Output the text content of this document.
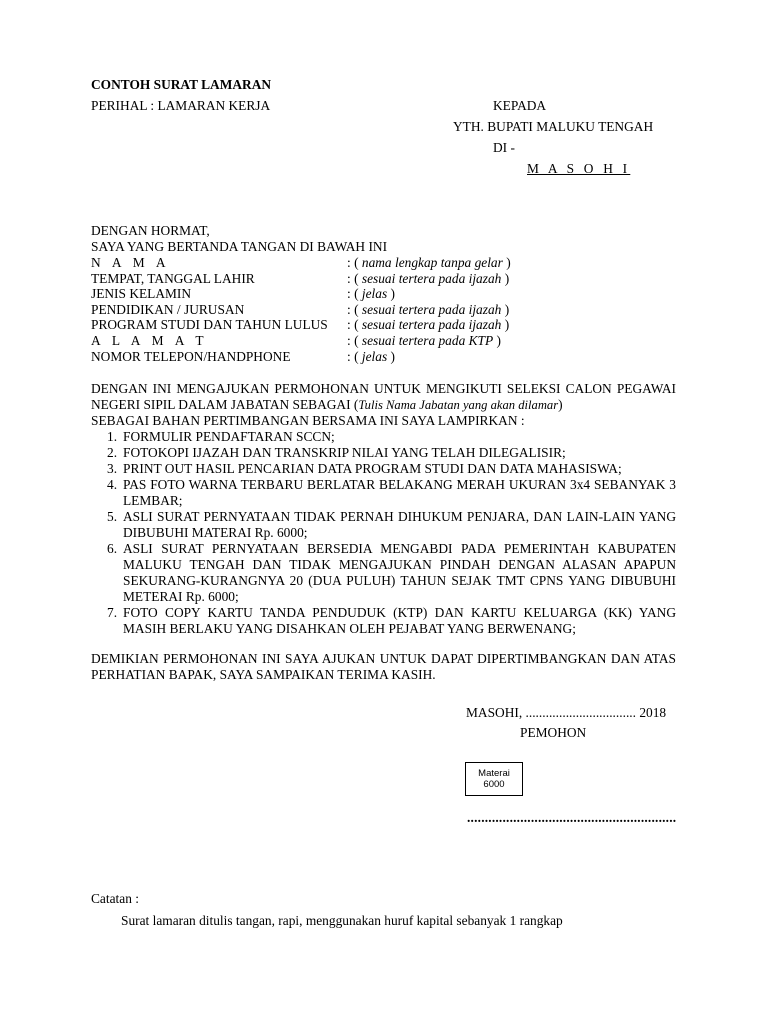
CONTOH SURAT LAMARAN
PERIHAL : LAMARAN KERJA	KEPADA
YTH. BUPATI MALUKU TENGAH
DI -
M A S O H I
DENGAN HORMAT,
SAYA YANG BERTANDA TANGAN DI BAWAH INI
N A M A	: ( nama lengkap tanpa gelar )
TEMPAT, TANGGAL LAHIR	: ( sesuai tertera pada ijazah )
JENIS KELAMIN	: ( jelas )
PENDIDIKAN / JURUSAN	: ( sesuai tertera pada ijazah )
PROGRAM STUDI DAN TAHUN LULUS : ( sesuai tertera pada ijazah )
A L A M A T	: ( sesuai tertera pada KTP )
NOMOR TELEPON/HANDPHONE	: ( jelas )
DENGAN INI MENGAJUKAN PERMOHONAN UNTUK MENGIKUTI SELEKSI CALON PEGAWAI NEGERI SIPIL DALAM JABATAN SEBAGAI (Tulis Nama Jabatan yang akan dilamar)
SEBAGAI BAHAN PERTIMBANGAN BERSAMA INI SAYA LAMPIRKAN :
1. FORMULIR PENDAFTARAN SCCN;
2. FOTOKOPI IJAZAH DAN TRANSKRIP NILAI YANG TELAH DILEGALISIR;
3. PRINT OUT HASIL PENCARIAN DATA PROGRAM STUDI DAN DATA MAHASISWA;
4. PAS FOTO WARNA TERBARU BERLATAR BELAKANG MERAH UKURAN 3x4 SEBANYAK 3 LEMBAR;
5. ASLI SURAT PERNYATAAN TIDAK PERNAH DIHUKUM PENJARA, DAN LAIN-LAIN YANG DIBUBUHI MATERAI Rp. 6000;
6. ASLI SURAT PERNYATAAN BERSEDIA MENGABDI PADA PEMERINTAH KABUPATEN MALUKU TENGAH DAN TIDAK MENGAJUKAN PINDAH DENGAN ALASAN APAPUN SEKURANG-KURANGNYA 20 (DUA PULUH) TAHUN SEJAK TMT CPNS YANG DIBUBUHI METERAI Rp. 6000;
7. FOTO COPY KARTU TANDA PENDUDUK (KTP) DAN KARTU KELUARGA (KK) YANG MASIH BERLAKU YANG DISAHKAN OLEH PEJABAT YANG BERWENANG;
DEMIKIAN PERMOHONAN INI SAYA AJUKAN UNTUK DAPAT DIPERTIMBANGKAN DAN ATAS PERHATIAN BAPAK, SAYA SAMPAIKAN TERIMA KASIH.
MASOHI, ................................. 2018
PEMOHON
Materai
6000
...........................................................
Catatan :
Surat lamaran ditulis tangan, rapi, menggunakan huruf kapital sebanyak 1 rangkap
